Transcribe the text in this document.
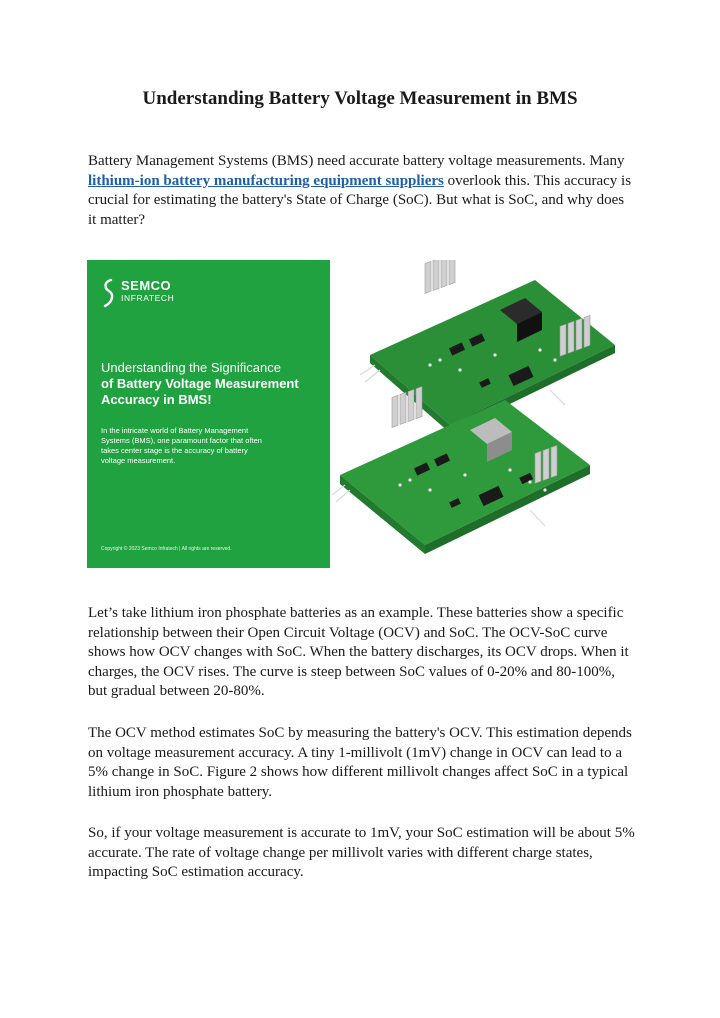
Understanding Battery Voltage Measurement in BMS

Battery Management Systems (BMS) need accurate battery voltage measurements. Many lithium-ion battery manufacturing equipment suppliers overlook this. This accuracy is crucial for estimating the battery's State of Charge (SoC). But what is SoC, and why does it matter?

SEMCO
INFRATECH
Understanding the Significance
of Battery Voltage Measurement Accuracy in BMS!
In the intricate world of Battery Management Systems (BMS), one paramount factor that often takes center stage is the accuracy of battery voltage measurement.
Copyright © 2023 Semco Infratech | All rights are reserved.

Let’s take lithium iron phosphate batteries as an example. These batteries show a specific relationship between their Open Circuit Voltage (OCV) and SoC. The OCV-SoC curve shows how OCV changes with SoC. When the battery discharges, its OCV drops. When it charges, the OCV rises. The curve is steep between SoC values of 0-20% and 80-100%, but gradual between 20-80%.

The OCV method estimates SoC by measuring the battery's OCV. This estimation depends on voltage measurement accuracy. A tiny 1-millivolt (1mV) change in OCV can lead to a 5% change in SoC. Figure 2 shows how different millivolt changes affect SoC in a typical lithium iron phosphate battery.

So, if your voltage measurement is accurate to 1mV, your SoC estimation will be about 5% accurate. The rate of voltage change per millivolt varies with different charge states, impacting SoC estimation accuracy.
